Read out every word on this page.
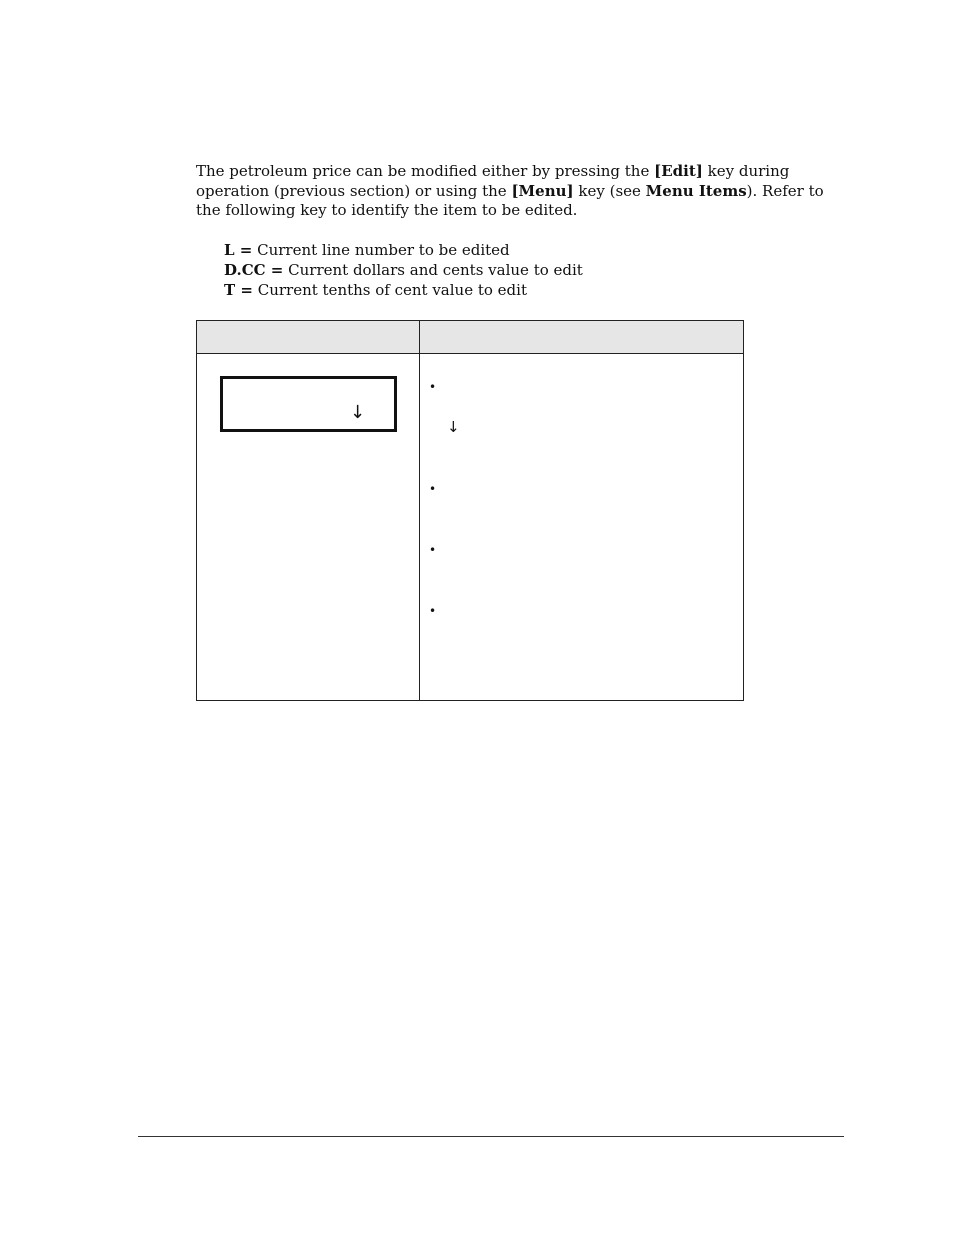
The petroleum price can be modified either by pressing the [Edit] key during operation (previous section) or using the [Menu] key (see Menu Items). Refer to the following key to identify the item to be edited.

L = Current line number to be edited
D.CC = Current dollars and cents value to edit
T = Current tenths of cent value to edit
↓
•
↓
•
•
•
